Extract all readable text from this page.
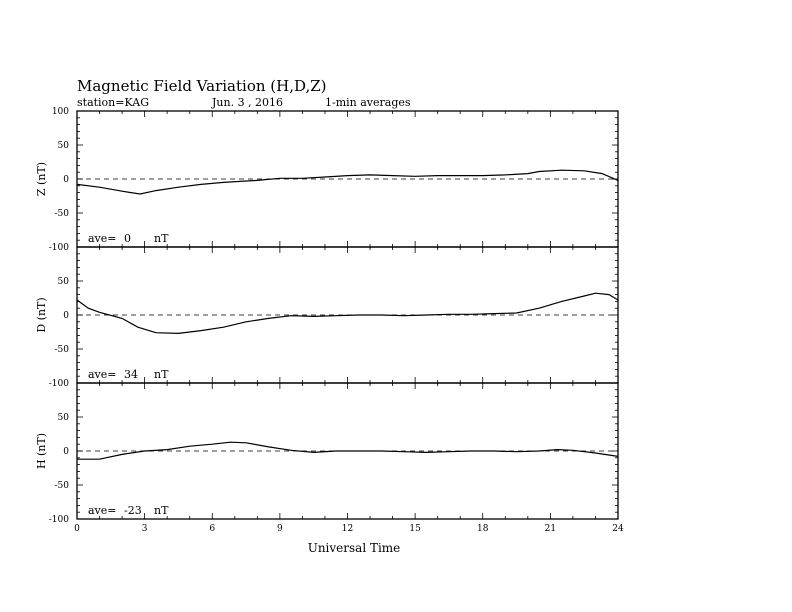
Magnetic Field Variation (H,D,Z)
station=KAG	Jun. 3 , 2016	1-min averages
100
50
0
-50
-100
Z (nT)
ave= 0 nT
50
0
-50
-100
D (nT)
ave= 34 nT
50
0
-50
-100
H (nT)
ave= -23 nT
0	3	6	9	12	15	18	21	24
Universal Time
